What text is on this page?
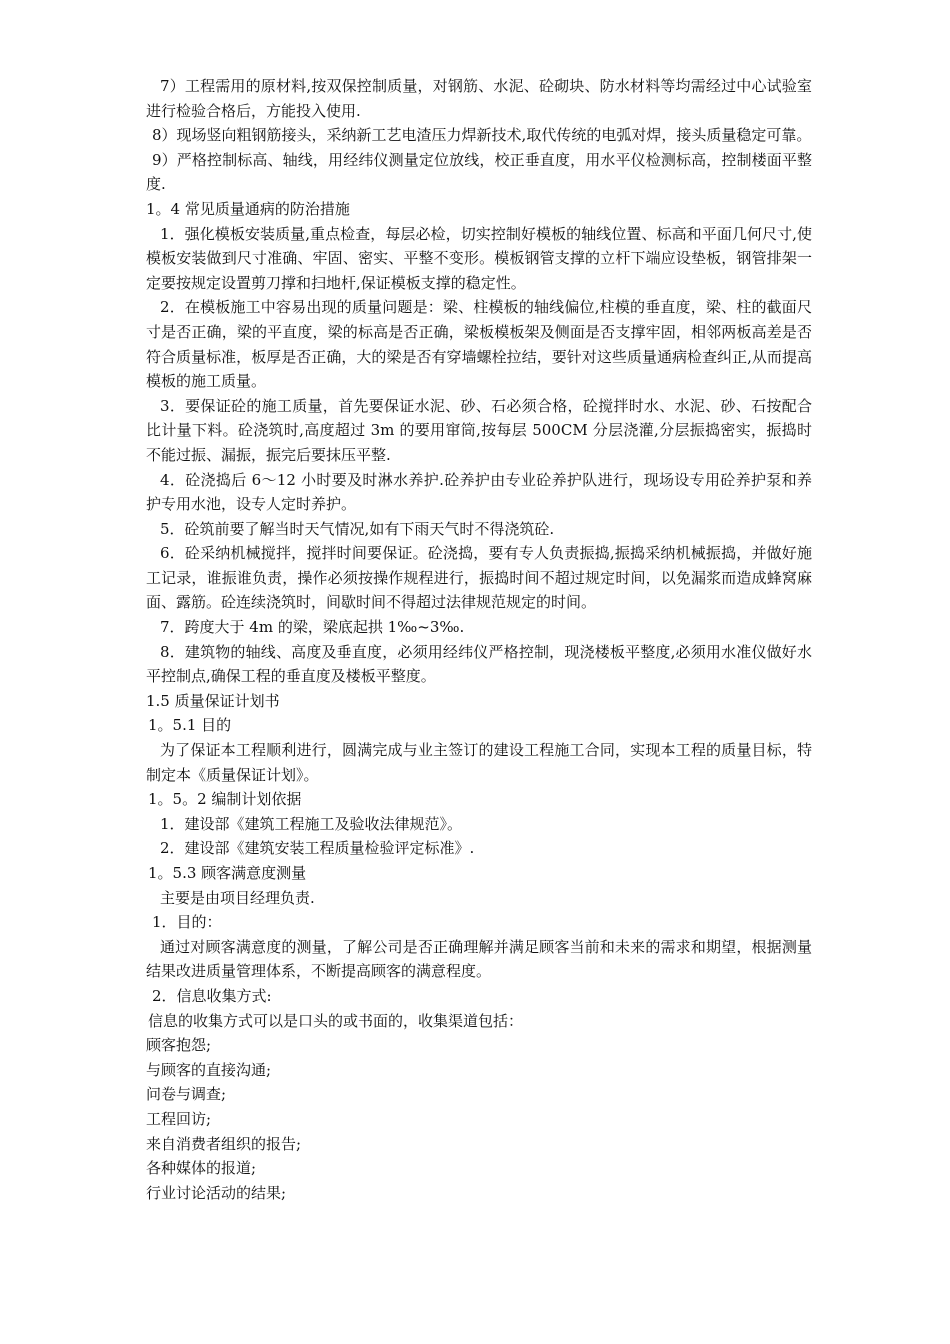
7）工程需用的原材料,按双保控制质量，对钢筋、水泥、砼砌块、防水材料等均需经过中心试验室进行检验合格后，方能投入使用.

8）现场竖向粗钢筋接头，采纳新工艺电渣压力焊新技术,取代传统的电弧对焊，接头质量稳定可靠。

9）严格控制标高、轴线，用经纬仪测量定位放线，校正垂直度，用水平仪检测标高，控制楼面平整度.

1。4 常见质量通病的防治措施

1．强化模板安装质量,重点检查，每层必检，切实控制好模板的轴线位置、标高和平面几何尺寸,使模板安装做到尺寸准确、牢固、密实、平整不变形。模板钢管支撑的立杆下端应设垫板，钢管排架一定要按规定设置剪刀撑和扫地杆,保证模板支撑的稳定性。

2．在模板施工中容易出现的质量问题是：梁、柱模板的轴线偏位,柱模的垂直度，梁、柱的截面尺寸是否正确，梁的平直度，梁的标高是否正确，梁板模板架及侧面是否支撑牢固，相邻两板高差是否符合质量标准，板厚是否正确，大的梁是否有穿墙螺栓拉结，要针对这些质量通病检查纠正,从而提高模板的施工质量。

3．要保证砼的施工质量，首先要保证水泥、砂、石必须合格，砼搅拌时水、水泥、砂、石按配合比计量下料。砼浇筑时,高度超过 3m 的要用窜筒,按每层 500CM 分层浇灌,分层振捣密实，振捣时不能过振、漏振，振完后要抹压平整.

4．砼浇捣后 6～12 小时要及时淋水养护.砼养护由专业砼养护队进行，现场设专用砼养护泵和养护专用水池，设专人定时养护。

5．砼筑前要了解当时天气情况,如有下雨天气时不得浇筑砼.

6．砼采纳机械搅拌，搅拌时间要保证。砼浇捣，要有专人负责振捣,振捣采纳机械振捣，并做好施工记录，谁振谁负责，操作必须按操作规程进行，振捣时间不超过规定时间，以免漏浆而造成蜂窝麻面、露筋。砼连续浇筑时，间歇时间不得超过法律规范规定的时间。

7．跨度大于 4m 的梁，梁底起拱 1‰~3‰.

8．建筑物的轴线、高度及垂直度，必须用经纬仪严格控制，现浇楼板平整度,必须用水准仪做好水平控制点,确保工程的垂直度及楼板平整度。

1.5 质量保证计划书

1。5.1 目的

为了保证本工程顺利进行，圆满完成与业主签订的建设工程施工合同，实现本工程的质量目标，特制定本《质量保证计划》。

1。5。2 编制计划依据

1．建设部《建筑工程施工及验收法律规范》。

2．建设部《建筑安装工程质量检验评定标准》.

1。5.3 顾客满意度测量

主要是由项目经理负责.

1．目的：

通过对顾客满意度的测量，了解公司是否正确理解并满足顾客当前和未来的需求和期望，根据测量结果改进质量管理体系，不断提高顾客的满意程度。

2．信息收集方式:

信息的收集方式可以是口头的或书面的，收集渠道包括：

顾客抱怨;

与顾客的直接沟通;

问卷与调查;

工程回访;

来自消费者组织的报告;

各种媒体的报道;

行业讨论活动的结果;
